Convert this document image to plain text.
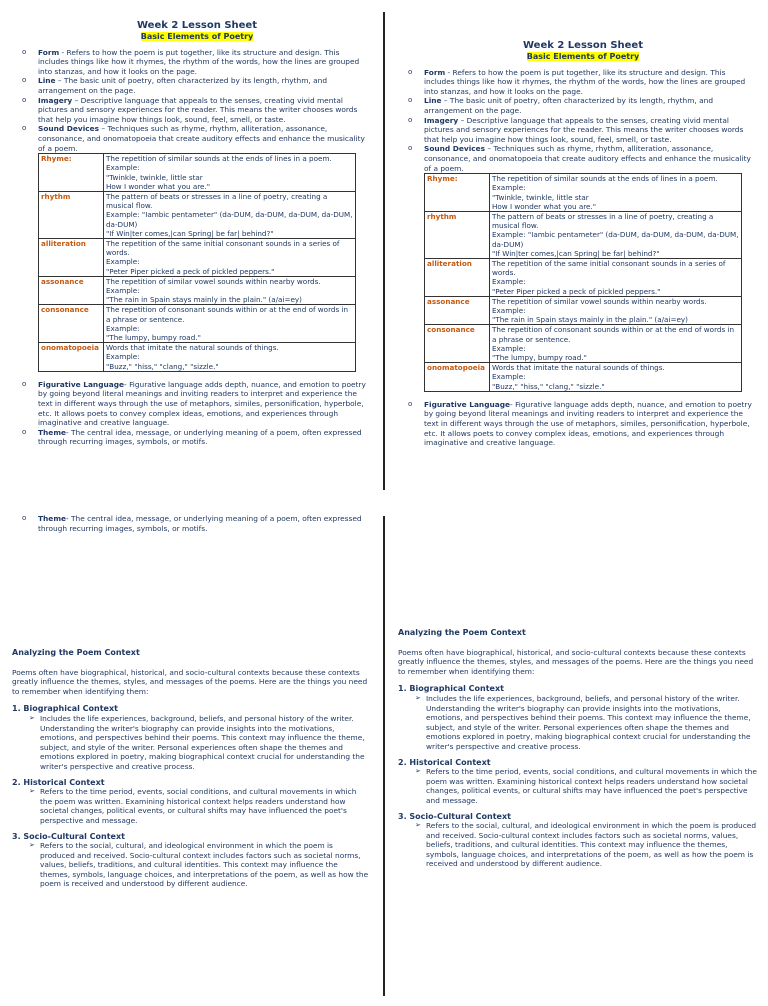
Week 2 Lesson Sheet
Basic Elements of Poetry
o Form - Refers to how the poem is put together, like its structure and design. This includes things like how it rhymes, the rhythm of the words, how the lines are grouped into stanzas, and how it looks on the page.
o Line – The basic unit of poetry, often characterized by its length, rhythm, and arrangement on the page.
o Imagery – Descriptive language that appeals to the senses, creating vivid mental pictures and sensory experiences for the reader. This means the writer chooses words that help you imagine how things look, sound, feel, smell, or taste.
o Sound Devices – Techniques such as rhyme, rhythm, alliteration, assonance, consonance, and onomatopoeia that create auditory effects and enhance the musicality of a poem.
Rhyme:	The repetition of similar sounds at the ends of lines in a poem.
Example:
"Twinkle, twinkle, little star
How I wonder what you are."
rhythm	The pattern of beats or stresses in a line of poetry, creating a musical flow.
Example: "Iambic pentameter" (da-DUM, da-DUM, da-DUM, da-DUM, da-DUM)
"If Win|ter comes,|can Spring| be far| behind?"
alliteration	The repetition of the same initial consonant sounds in a series of words.
Example:
"Peter Piper picked a peck of pickled peppers."
assonance	The repetition of similar vowel sounds within nearby words.
Example:
"The rain in Spain stays mainly in the plain." (a/ai=ey)
consonance	The repetition of consonant sounds within or at the end of words in a phrase or sentence.
Example:
"The lumpy, bumpy road."
onomatopoeia	Words that imitate the natural sounds of things.
Example:
"Buzz," "hiss," "clang," "sizzle."
o Figurative Language- Figurative language adds depth, nuance, and emotion to poetry by going beyond literal meanings and inviting readers to interpret and experience the text in different ways through the use of metaphors, similes, personification, hyperbole, etc. It allows poets to convey complex ideas, emotions, and experiences through imaginative and creative language.
o Theme- The central idea, message, or underlying meaning of a poem, often expressed through recurring images, symbols, or motifs.
Week 2 Lesson Sheet
Basic Elements of Poetry
o Form - Refers to how the poem is put together, like its structure and design. This includes things like how it rhymes, the rhythm of the words, how the lines are grouped into stanzas, and how it looks on the page.
o Line – The basic unit of poetry, often characterized by its length, rhythm, and arrangement on the page.
o Imagery – Descriptive language that appeals to the senses, creating vivid mental pictures and sensory experiences for the reader. This means the writer chooses words that help you imagine how things look, sound, feel, smell, or taste.
o Sound Devices – Techniques such as rhyme, rhythm, alliteration, assonance, consonance, and onomatopoeia that create auditory effects and enhance the musicality of a poem.
Rhyme:	The repetition of similar sounds at the ends of lines in a poem.
Example:
"Twinkle, twinkle, little star
How I wonder what you are."
rhythm	The pattern of beats or stresses in a line of poetry, creating a musical flow.
Example: "Iambic pentameter" (da-DUM, da-DUM, da-DUM, da-DUM, da-DUM)
"If Win|ter comes,|can Spring| be far| behind?"
alliteration	The repetition of the same initial consonant sounds in a series of words.
Example:
"Peter Piper picked a peck of pickled peppers."
assonance	The repetition of similar vowel sounds within nearby words.
Example:
"The rain in Spain stays mainly in the plain." (a/ai=ey)
consonance	The repetition of consonant sounds within or at the end of words in a phrase or sentence.
Example:
"The lumpy, bumpy road."
onomatopoeia	Words that imitate the natural sounds of things.
Example:
"Buzz," "hiss," "clang," "sizzle."
o Figurative Language- Figurative language adds depth, nuance, and emotion to poetry by going beyond literal meanings and inviting readers to interpret and experience the text in different ways through the use of metaphors, similes, personification, hyperbole, etc. It allows poets to convey complex ideas, emotions, and experiences through imaginative and creative language.
o Theme- The central idea, message, or underlying meaning of a poem, often expressed through recurring images, symbols, or motifs.
Analyzing the Poem Context
Poems often have biographical, historical, and socio-cultural contexts because these contexts greatly influence the themes, styles, and messages of the poems. Here are the things you need to remember when identifying them:
1. Biographical Context
➢ Includes the life experiences, background, beliefs, and personal history of the writer. Understanding the writer's biography can provide insights into the motivations, emotions, and perspectives behind their poems. This context may influence the theme, subject, and style of the writer. Personal experiences often shape the themes and emotions explored in poetry, making biographical context crucial for understanding the writer's perspective and creative process.
2. Historical Context
➢ Refers to the time period, events, social conditions, and cultural movements in which the poem was written. Examining historical context helps readers understand how societal changes, political events, or cultural shifts may have influenced the poet's perspective and message.
3. Socio-Cultural Context
➢ Refers to the social, cultural, and ideological environment in which the poem is produced and received. Socio-cultural context includes factors such as societal norms, values, beliefs, traditions, and cultural identities. This context may influence the themes, symbols, language choices, and interpretations of the poem, as well as how the poem is received and understood by different audience.
Analyzing the Poem Context
Poems often have biographical, historical, and socio-cultural contexts because these contexts greatly influence the themes, styles, and messages of the poems. Here are the things you need to remember when identifying them:
1. Biographical Context
➢ Includes the life experiences, background, beliefs, and personal history of the writer. Understanding the writer's biography can provide insights into the motivations, emotions, and perspectives behind their poems. This context may influence the theme, subject, and style of the writer. Personal experiences often shape the themes and emotions explored in poetry, making biographical context crucial for understanding the writer's perspective and creative process.
2. Historical Context
➢ Refers to the time period, events, social conditions, and cultural movements in which the poem was written. Examining historical context helps readers understand how societal changes, political events, or cultural shifts may have influenced the poet's perspective and message.
3. Socio-Cultural Context
➢ Refers to the social, cultural, and ideological environment in which the poem is produced and received. Socio-cultural context includes factors such as societal norms, values, beliefs, traditions, and cultural identities. This context may influence the themes, symbols, language choices, and interpretations of the poem, as well as how the poem is received and understood by different audience.
